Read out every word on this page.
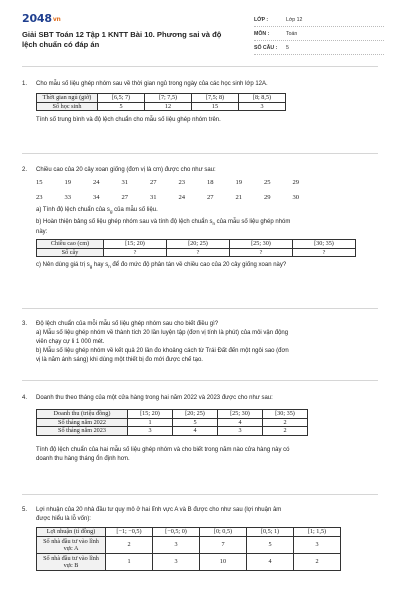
2048vn
Giải SBT Toán 12 Tập 1 KNTT Bài 10. Phương sai và độ lệch chuẩn có đáp án
LỚP :	Lớp 12
MÔN :	Toán
SỐ CÂU : 5
1. Cho mẫu số liệu ghép nhóm sau về thời gian ngủ trong ngày của các học sinh lớp 12A.
Thời gian ngủ (giờ)	[6,5; 7)	[7; 7,5)	[7,5; 8)	[8; 8,5)
Số học sinh	5	12	15	3
Tính số trung bình và độ lệch chuẩn cho mẫu số liệu ghép nhóm trên.
2. Chiều cao của 20 cây xoan giống (đơn vị là cm) được cho như sau:
15	19	24	31	27	23	18	19	25	29
23	33	34	27	31	24	27	21	29	30
a) Tính độ lệch chuẩn của $s_g$ của mẫu số liệu.
b) Hoàn thiện bảng số liệu ghép nhóm sau và tính độ lệch chuẩn $s_n$ của mẫu số liệu ghép nhóm
này:
Chiều cao (cm)	[15; 20)	[20; 25)	[25; 30)	[30; 35)
Số cây	?	?	?	?
c) Nên dùng giá trị $s_g$ hay $s_n$ để đo mức độ phân tán về chiều cao của 20 cây giống xoan này?
3. Độ lệch chuẩn của mỗi mẫu số liệu ghép nhóm sau cho biết điều gì?
a) Mẫu số liệu ghép nhóm về thành tích 20 lần luyện tập (đơn vị tính là phút) của môi vận động
viên chạy cự li 1 000 mét.
b) Mẫu số liệu ghép nhóm về kết quả 20 lần đo khoảng cách từ Trái Đất đến một ngôi sao (đơn
vị là năm ánh sáng) khi dùng một thiết bị đo mới được chế tạo.
4. Doanh thu theo tháng của một cửa hàng trong hai năm 2022 và 2023 được cho như sau:
Doanh thu (triệu đồng)	[15; 20)	[20; 25)	[25; 30)	[30; 35)
Số tháng năm 2022	1	5	4	2
Số tháng năm 2023	3	4	3	2
Tính độ lệch chuẩn của hai mẫu số liệu ghép nhóm và cho biết trong năm nào cửa hàng này có
doanh thu hàng tháng ổn định hơn.
5. Lợi nhuận của 20 nhà đầu tư quy mô ở hai lĩnh vực A và B được cho như sau (lợi nhuận âm
được hiểu là lỗ vốn):
Lợi nhuận (tỉ đồng)	[−1; −0,5)	[−0,5; 0)	[0; 0,5)	[0,5; 1)	[1; 1,5)
Số nhà đầu tư vào lĩnh vực A	2	3	7	5	3
Số nhà đầu tư vào lĩnh vực B	1	3	10	4	2
